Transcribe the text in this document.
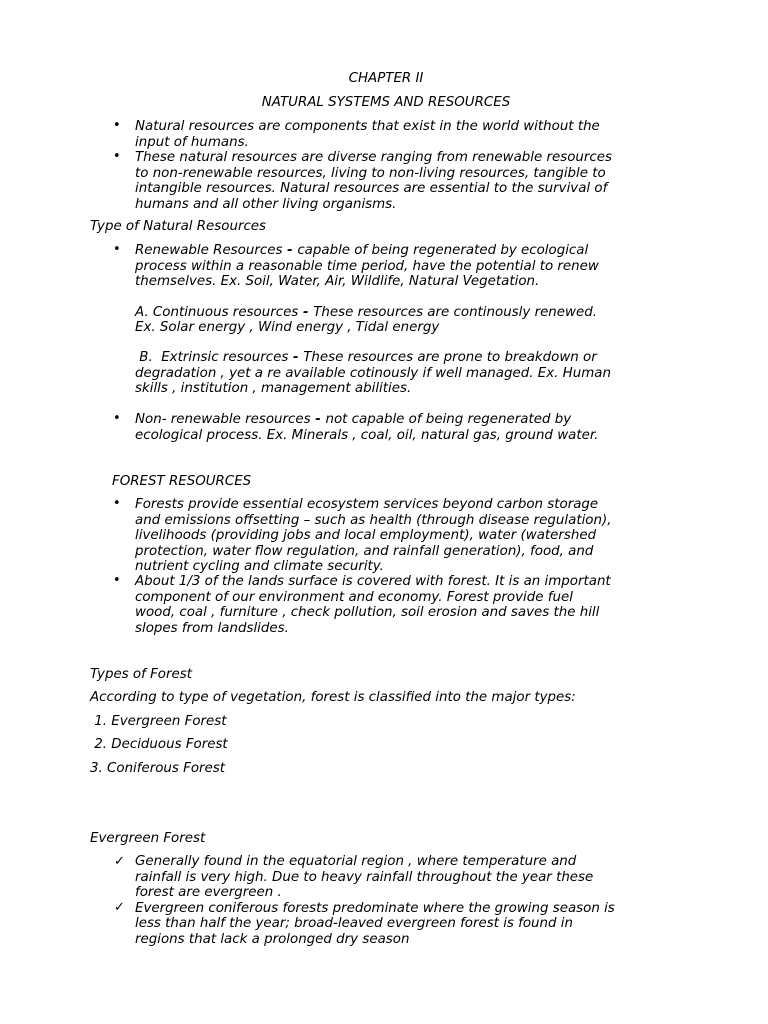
CHAPTER II
NATURAL SYSTEMS AND RESOURCES
• Natural resources are components that exist in the world without the
input of humans.
• These natural resources are diverse ranging from renewable resources
to non-renewable resources, living to non-living resources, tangible to
intangible resources. Natural resources are essential to the survival of
humans and all other living organisms.
Type of Natural Resources
• Renewable Resources - capable of being regenerated by ecological
process within a reasonable time period, have the potential to renew
themselves. Ex. Soil, Water, Air, Wildlife, Natural Vegetation.
A. Continuous resources - These resources are continously renewed.
Ex. Solar energy , Wind energy , Tidal energy
B.  Extrinsic resources - These resources are prone to breakdown or
degradation , yet a re available cotinously if well managed. Ex. Human
skills , institution , management abilities.
• Non- renewable resources - not capable of being regenerated by
ecological process. Ex. Minerals , coal, oil, natural gas, ground water.
FOREST RESOURCES
• Forests provide essential ecosystem services beyond carbon storage
and emissions offsetting – such as health (through disease regulation),
livelihoods (providing jobs and local employment), water (watershed
protection, water flow regulation, and rainfall generation), food, and
nutrient cycling and climate security.
• About 1/3 of the lands surface is covered with forest. It is an important
component of our environment and economy. Forest provide fuel
wood, coal , furniture , check pollution, soil erosion and saves the hill
slopes from landslides.
Types of Forest
According to type of vegetation, forest is classified into the major types:
1. Evergreen Forest
2. Deciduous Forest
3. Coniferous Forest
Evergreen Forest
✓ Generally found in the equatorial region , where temperature and
rainfall is very high. Due to heavy rainfall throughout the year these
forest are evergreen .
✓ Evergreen coniferous forests predominate where the growing season is
less than half the year; broad-leaved evergreen forest is found in
regions that lack a prolonged dry season
